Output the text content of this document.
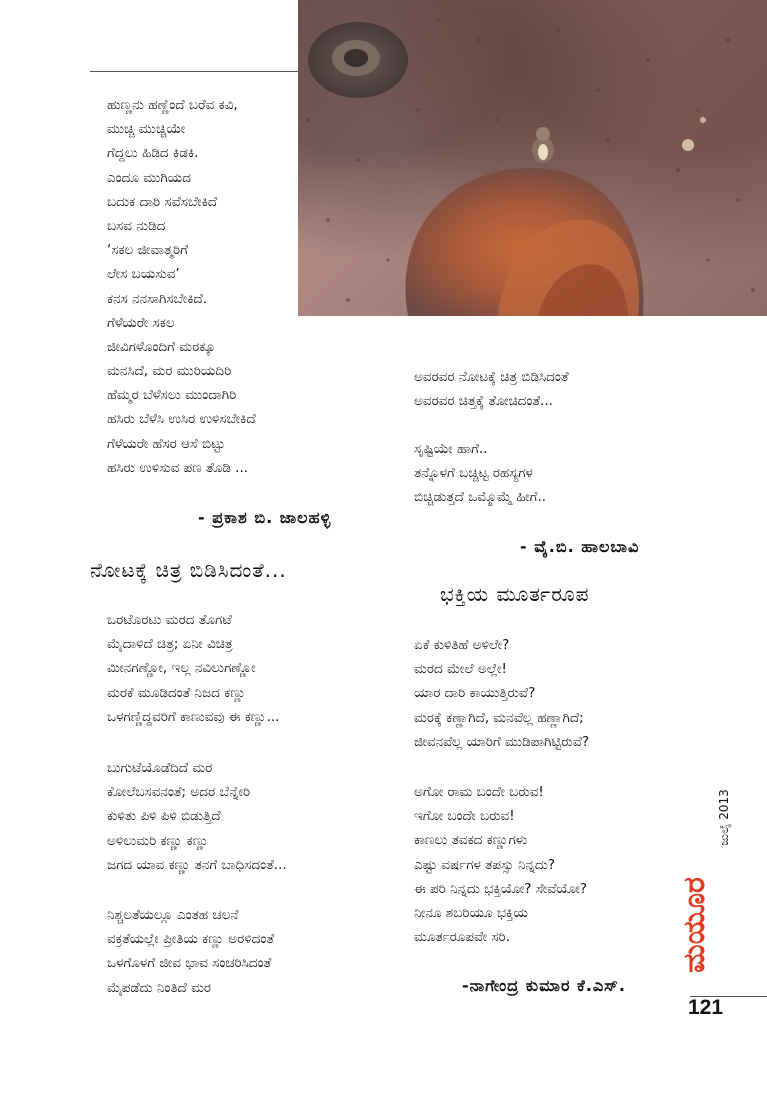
ಹುಣ್ಣನು ಹಣ್ಣೆಂದೆ ಬರೆವ ಕವಿ,
ಮುಚ್ಚಿ ಮುಚ್ಚಿಯೇ
ಗೆದ್ದಲು ಹಿಡಿದ ಕಿಡಕಿ.
ಎಂದೂ ಮುಗಿಯದ
ಬದುಕ ದಾರಿ ಸವೆಸಬೇಕಿದೆ
ಬಸವ ನುಡಿದ
‘ಸಕಲ ಜೀವಾತ್ಮರಿಗೆ
ಲೇಸ ಬಯಸುವ’
ಕನಸ ನನಸಾಗಿಸಬೇಕಿದೆ.
ಗೆಳೆಯರೇ ಸಕಲ
ಜೀವಿಗಳೊಂದಿಗೆ ಮರಕ್ಕೂ
ಮನಸಿದೆ, ಮರ ಮುರಿಯದಿರಿ
ಹೆಮ್ಮರ ಬೆಳೆಸಲು ಮುಂದಾಗಿರಿ
ಹಸಿರು ಬೆಳೆಸಿ ಉಸಿರ ಉಳಿಸಬೇಕಿದೆ
ಗೆಳೆಯರೇ ಹೆಸರ ಆಸೆ ಬಿಟ್ಟು
ಹಸಿರು ಉಳಿಸುವ ಪಣ ತೊಡಿ ...
- ಪ್ರಕಾಶ ಬಿ. ಜಾಲಹಳ್ಳಿ
ನೋಟಕ್ಕೆ ಚಿತ್ರ ಬಿಡಿಸಿದಂತೆ...
ಒರಟೊರಟು ಮರದ ತೊಗಟೆ
ಮೈದಾಳಿದೆ ಚಿತ್ರ; ಏನೀ ವಿಚಿತ್ರ
ಮೀನಗಣ್ಣೋ, ಇಲ್ಲ ನವಿಲುಗಣ್ಣೋ
ಮರಕೆ ಮೂಡಿದಂತೆ ನಿಜದ ಕಣ್ಣು
ಒಳಗಣ್ಣಿದ್ದವರಿಗೆ ಕಾಣುವವು ಈ ಕಣ್ಣು...
ಬುಗುಟೆಯೊಡೆದಿದೆ ಮರ
ಕೋಲೆಬಸವನಂತೆ; ಅದರ ಬೆನ್ನೇರಿ
ಕುಳಿತು ಪಿಳಿ ಪಿಳಿ ಬಿಡುತ್ತಿದೆ
ಅಳಿಲುಮರಿ ಕಣ್ಣು ಕಣ್ಣು
ಜಗದ ಯಾವ ಕಣ್ಣು ತನಗೆ ಬಾಧಿಸದಂತೆ...
ನಿಶ್ಚಲತೆಯಲ್ಲೂ ಎಂತಹ ಚಲನೆ
ವಕ್ರತೆಯಲ್ಲೇ ಪ್ರೀತಿಯ ಕಣ್ಣು ಅರಳಿದಂತೆ
ಒಳಗೊಳಗೆ ಜೀವ ಭಾವ ಸಂಚರಿಸಿದಂತೆ
ಮೈಪಡೆದು ನಿಂತಿದೆ ಮರ
ಅವರವರ ನೋಟಕ್ಕೆ ಚಿತ್ರ ಬಿಡಿಸಿದಂತೆ
ಅವರವರ ಚಿತ್ತಕ್ಕೆ ತೋಚಿದಂತೆ...
ಸೃಷ್ಟಿಯೇ ಹಾಗೆ..
ತನ್ನೊಳಗೆ ಬಚ್ಚಿಟ್ಟ ರಹಸ್ಯಗಳ
ಬಿಚ್ಚಿಡುತ್ತದೆ ಒಮ್ಮೊಮ್ಮೆ ಹೀಗೆ..
- ವೈ.ಬಿ. ಹಾಲಬಾವಿ
ಭಕ್ತಿಯ ಮೂರ್ತರೂಪ
ಏಕೆ ಕುಳಿತಿಹೆ ಅಳಿಲೇ?
ಮರದ ಮೇಲೆ ಅಲ್ಲೇ!
ಯಾರ ದಾರಿ ಕಾಯುತ್ತಿರುವೆ?
ಮರಕ್ಕೆ ಕಣ್ಣಾಗಿದೆ, ಮನವೆಲ್ಲ ಹಣ್ಣಾಗಿದೆ;
ಜೀವನವೆಲ್ಲ ಯಾರಿಗೆ ಮುಡಿಪಾಗಿಟ್ಟಿರುವೆ?
ಅಗೋ ರಾಮ ಬಂದೇ ಬರುವ!
ಇಗೋ ಬಂದೇ ಬರುವ!
ಕಾಣಲು ತವಕದ ಕಣ್ಣುಗಳು
ಎಷ್ಟು ವರ್ಷಗಳ ತಪಸ್ಸು ನಿನ್ನದು?
ಈ ಪರಿ ನಿನ್ನದು ಭಕ್ತಿಯೋ? ಸೇವೆಯೋ?
ನೀನೂ ಶಬರಿಯೂ ಭಕ್ತಿಯ
ಮೂರ್ತರೂಪವೇ ಸರಿ.
-ನಾಗೇಂದ್ರ ಕುಮಾರ ಕೆ.ಎಸ್.
ಮಯೂರ
ಜುಲೈ 2013
121
